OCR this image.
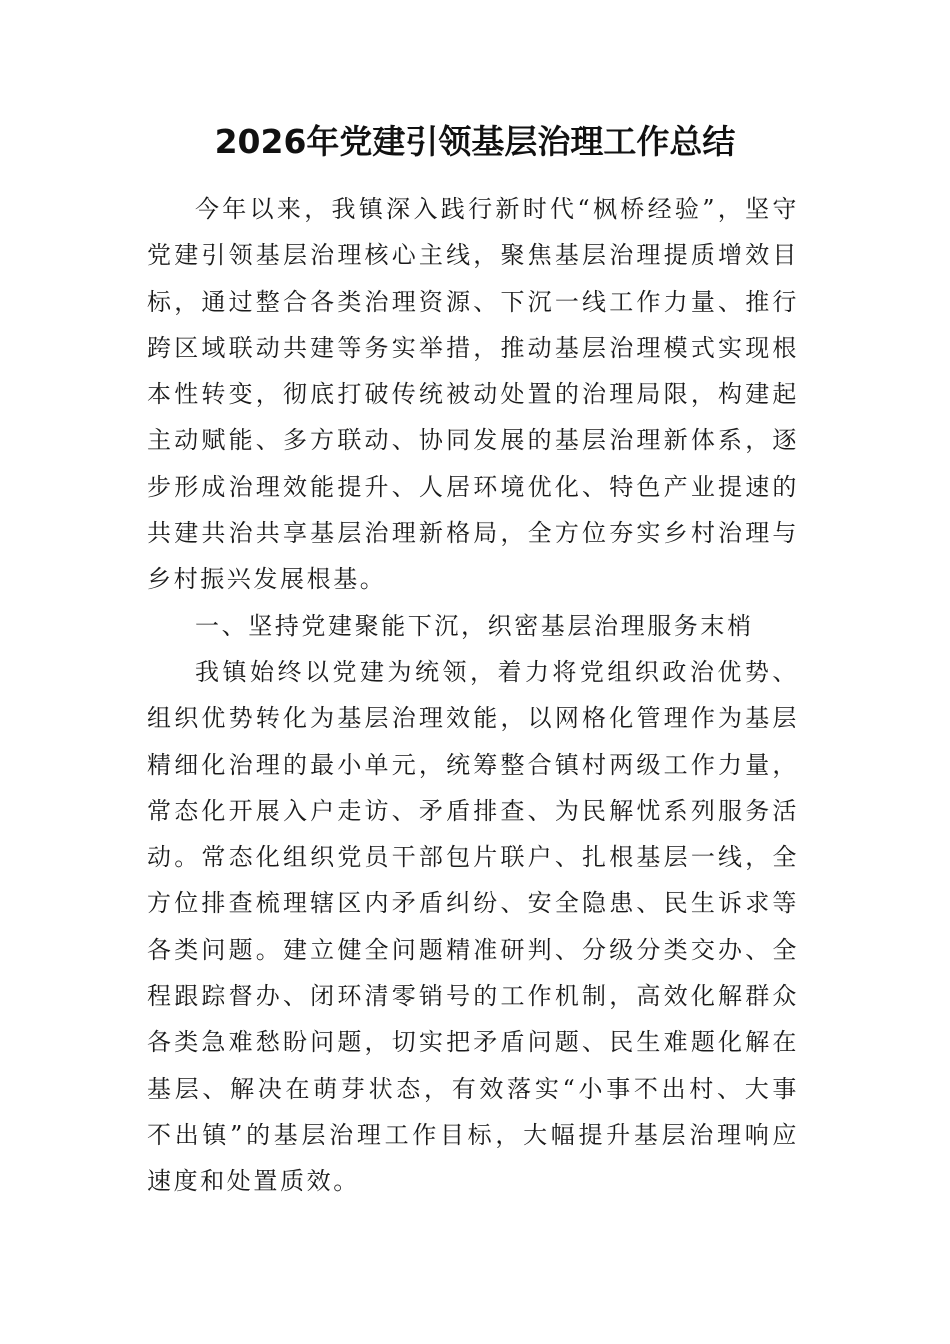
2026年党建引领基层治理工作总结

今年以来，我镇深入践行新时代“枫桥经验”，坚守党建引领基层治理核心主线，聚焦基层治理提质增效目标，通过整合各类治理资源、下沉一线工作力量、推行跨区域联动共建等务实举措，推动基层治理模式实现根本性转变，彻底打破传统被动处置的治理局限，构建起主动赋能、多方联动、协同发展的基层治理新体系，逐步形成治理效能提升、人居环境优化、特色产业提速的共建共治共享基层治理新格局，全方位夯实乡村治理与乡村振兴发展根基。

一、坚持党建聚能下沉，织密基层治理服务末梢

我镇始终以党建为统领，着力将党组织政治优势、组织优势转化为基层治理效能，以网格化管理作为基层精细化治理的最小单元，统筹整合镇村两级工作力量，常态化开展入户走访、矛盾排查、为民解忧系列服务活动。常态化组织党员干部包片联户、扎根基层一线，全方位排查梳理辖区内矛盾纠纷、安全隐患、民生诉求等各类问题。建立健全问题精准研判、分级分类交办、全程跟踪督办、闭环清零销号的工作机制，高效化解群众各类急难愁盼问题，切实把矛盾问题、民生难题化解在基层、解决在萌芽状态，有效落实“小事不出村、大事不出镇”的基层治理工作目标，大幅提升基层治理响应速度和处置质效。
